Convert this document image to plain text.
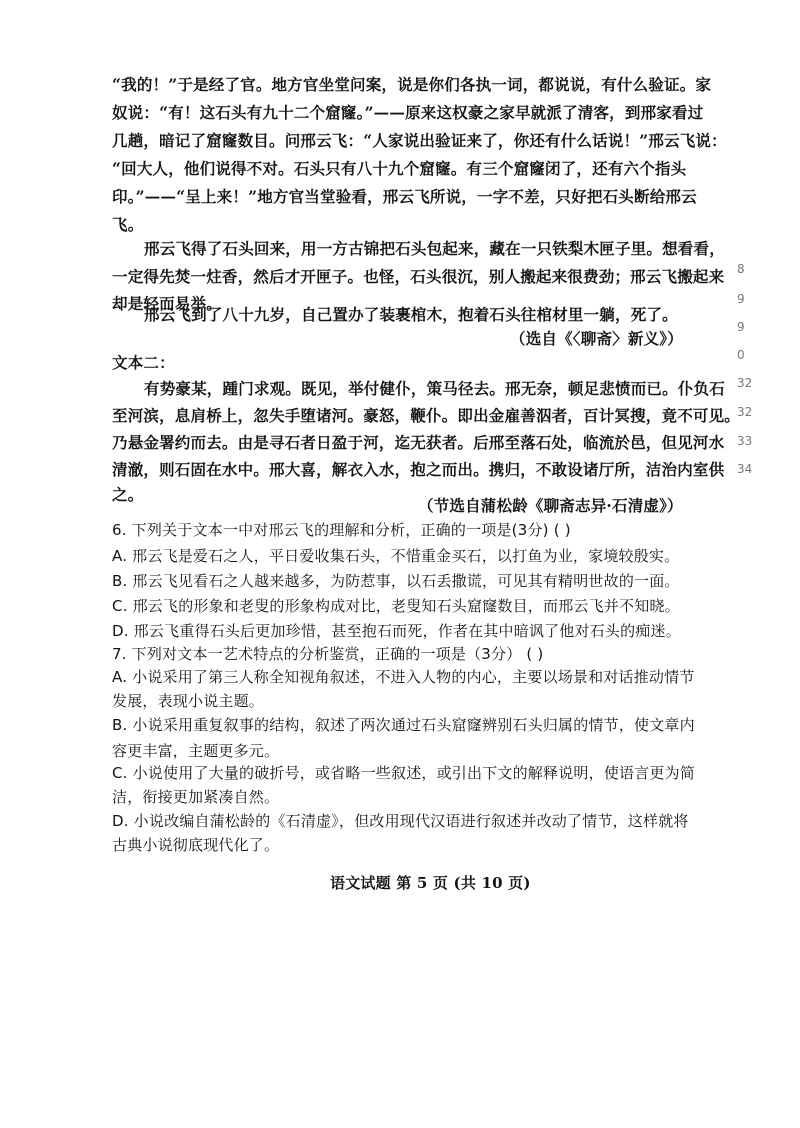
“我的！”于是经了官。地方官坐堂问案，说是你们各执一词，都说说，有什么验证。家

奴说：“有！这石头有九十二个窟窿。”——原来这权豪之家早就派了清客，到邢家看过

几趟，暗记了窟窿数目。问邢云飞：“人家说出验证来了，你还有什么话说！”邢云飞说：

“回大人，他们说得不对。石头只有八十九个窟窿。有三个窟窿闭了，还有六个指头

印。”——“呈上来！”地方官当堂验看，邢云飞所说，一字不差，只好把石头断给邢云

飞。

邢云飞得了石头回来，用一方古锦把石头包起来，藏在一只铁梨木匣子里。想看看，

一定得先焚一炷香，然后才开匣子。也怪，石头很沉，别人搬起来很费劲；邢云飞搬起来

却是轻而易举。

邢云飞到了八十九岁，自己置办了装裹棺木，抱着石头往棺材里一躺，死了。

（选自《〈聊斋〉新义》）

文本二：

有势豪某，踵门求观。既见，举付健仆，策马径去。邢无奈，顿足悲愤而已。仆负石

至河滨，息肩桥上，忽失手堕诸河。豪怒，鞭仆。即出金雇善泅者，百计冥搜，竟不可见。

乃悬金署约而去。由是寻石者日盈于河，迄无获者。后邢至落石处，临流於邑，但见河水

清澈，则石固在水中。邢大喜，解衣入水，抱之而出。携归，不敢设诸厅所，洁治内室供

之。

（节选自蒲松龄《聊斋志异·石清虚》）

6. 下列关于文本一中对邢云飞的理解和分析，正确的一项是(3分) ( )

A. 邢云飞是爱石之人，平日爱收集石头，不惜重金买石，以打鱼为业，家境较殷实。

B. 邢云飞见看石之人越来越多，为防惹事，以石丢撒谎，可见其有精明世故的一面。

C. 邢云飞的形象和老叟的形象构成对比，老叟知石头窟窿数目，而邢云飞并不知晓。

D. 邢云飞重得石头后更加珍惜，甚至抱石而死，作者在其中暗讽了他对石头的痴迷。

7. 下列对文本一艺术特点的分析鉴赏，正确的一项是（3分） ( )

A. 小说采用了第三人称全知视角叙述，不进入人物的内心，主要以场景和对话推动情节

发展，表现小说主题。

B. 小说采用重复叙事的结构，叙述了两次通过石头窟窿辨别石头归属的情节，使文章内

容更丰富，主题更多元。

C. 小说使用了大量的破折号，或省略一些叙述，或引出下文的解释说明，使语言更为简

洁，衔接更加紧凑自然。

D. 小说改编自蒲松龄的《石清虚》，但改用现代汉语进行叙述并改动了情节，这样就将

古典小说彻底现代化了。

语文试题 第 5 页 (共 10 页)

8
9
9
0
32
32
33
34
